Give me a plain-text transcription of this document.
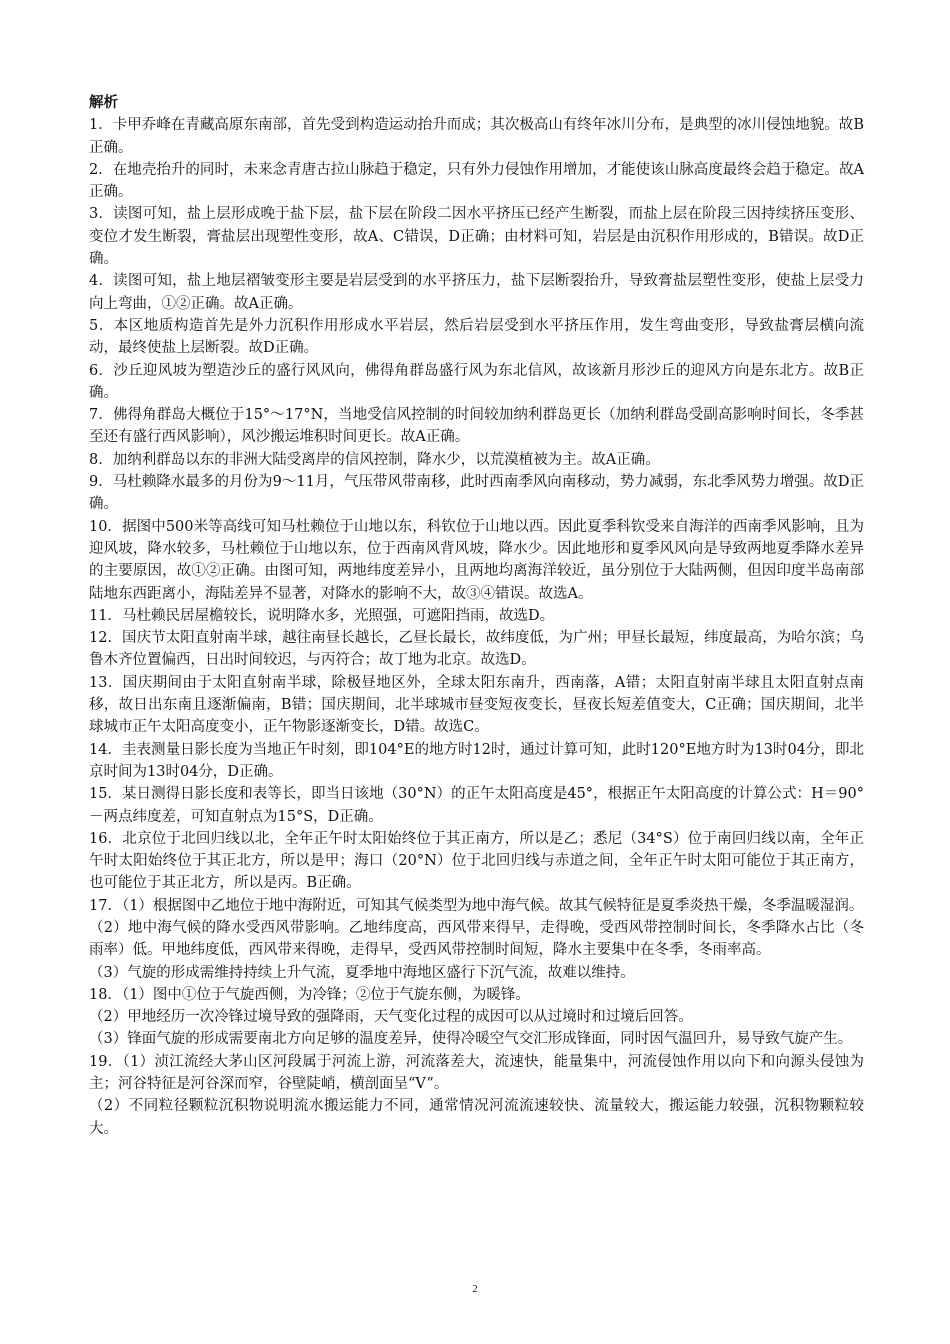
解析

1．卡甲乔峰在青藏高原东南部，首先受到构造运动抬升而成；其次极高山有终年冰川分布，是典型的冰川侵蚀地貌。故B正确。

2．在地壳抬升的同时，未来念青唐古拉山脉趋于稳定，只有外力侵蚀作用增加，才能使该山脉高度最终会趋于稳定。故A正确。

3．读图可知，盐上层形成晚于盐下层，盐下层在阶段二因水平挤压已经产生断裂，而盐上层在阶段三因持续挤压变形、变位才发生断裂，膏盐层出现塑性变形，故A、C错误，D正确；由材料可知，岩层是由沉积作用形成的，B错误。故D正确。

4．读图可知，盐上地层褶皱变形主要是岩层受到的水平挤压力，盐下层断裂抬升，导致膏盐层塑性变形，使盐上层受力向上弯曲，①②正确。故A正确。

5．本区地质构造首先是外力沉积作用形成水平岩层，然后岩层受到水平挤压作用，发生弯曲变形，导致盐膏层横向流动，最终使盐上层断裂。故D正确。

6．沙丘迎风坡为塑造沙丘的盛行风风向，佛得角群岛盛行风为东北信风，故该新月形沙丘的迎风方向是东北方。故B正确。

7．佛得角群岛大概位于15°～17°N，当地受信风控制的时间较加纳利群岛更长（加纳利群岛受副高影响时间长，冬季甚至还有盛行西风影响），风沙搬运堆积时间更长。故A正确。

8．加纳利群岛以东的非洲大陆受离岸的信风控制，降水少，以荒漠植被为主。故A正确。

9．马杜赖降水最多的月份为9～11月，气压带风带南移，此时西南季风向南移动，势力减弱，东北季风势力增强。故D正确。

10．据图中500米等高线可知马杜赖位于山地以东，科钦位于山地以西。因此夏季科钦受来自海洋的西南季风影响，且为迎风坡，降水较多，马杜赖位于山地以东，位于西南风背风坡，降水少。因此地形和夏季风风向是导致两地夏季降水差异的主要原因，故①②正确。由图可知，两地纬度差异小，且两地均离海洋较近，虽分别位于大陆两侧，但因印度半岛南部陆地东西距离小，海陆差异不显著，对降水的影响不大，故③④错误。故选A。

11．马杜赖民居屋檐较长，说明降水多，光照强，可遮阳挡雨，故选D。

12．国庆节太阳直射南半球，越往南昼长越长，乙昼长最长，故纬度低，为广州；甲昼长最短，纬度最高，为哈尔滨；乌鲁木齐位置偏西，日出时间较迟，与丙符合；故丁地为北京。故选D。

13．国庆期间由于太阳直射南半球，除极昼地区外，全球太阳东南升，西南落，A错；太阳直射南半球且太阳直射点南移，故日出东南且逐渐偏南，B错；国庆期间，北半球城市昼变短夜变长，昼夜长短差值变大，C正确；国庆期间，北半球城市正午太阳高度变小，正午物影逐渐变长，D错。故选C。

14．圭表测量日影长度为当地正午时刻，即104°E的地方时12时，通过计算可知，此时120°E地方时为13时04分，即北京时间为13时04分，D正确。

15．某日测得日影长度和表等长，即当日该地（30°N）的正午太阳高度是45°，根据正午太阳高度的计算公式：H＝90°－两点纬度差，可知直射点为15°S，D正确。

16．北京位于北回归线以北，全年正午时太阳始终位于其正南方，所以是乙；悉尼（34°S）位于南回归线以南，全年正午时太阳始终位于其正北方，所以是甲；海口（20°N）位于北回归线与赤道之间，全年正午时太阳可能位于其正南方，也可能位于其正北方，所以是丙。B正确。

17．（1）根据图中乙地位于地中海附近，可知其气候类型为地中海气候。故其气候特征是夏季炎热干燥，冬季温暖湿润。

（2）地中海气候的降水受西风带影响。乙地纬度高，西风带来得早，走得晚，受西风带控制时间长，冬季降水占比（冬雨率）低。甲地纬度低，西风带来得晚，走得早，受西风带控制时间短，降水主要集中在冬季，冬雨率高。

（3）气旋的形成需维持持续上升气流，夏季地中海地区盛行下沉气流，故难以维持。

18．（1）图中①位于气旋西侧，为冷锋；②位于气旋东侧，为暖锋。

（2）甲地经历一次冷锋过境导致的强降雨，天气变化过程的成因可以从过境时和过境后回答。

（3）锋面气旋的形成需要南北方向足够的温度差异，使得冷暖空气交汇形成锋面，同时因气温回升，易导致气旋产生。

19．（1）浈江流经大茅山区河段属于河流上游，河流落差大，流速快，能量集中，河流侵蚀作用以向下和向源头侵蚀为主；河谷特征是河谷深而窄，谷壁陡峭，横剖面呈“V”。

（2）不同粒径颗粒沉积物说明流水搬运能力不同，通常情况河流流速较快、流量较大，搬运能力较强，沉积物颗粒较大。

2
